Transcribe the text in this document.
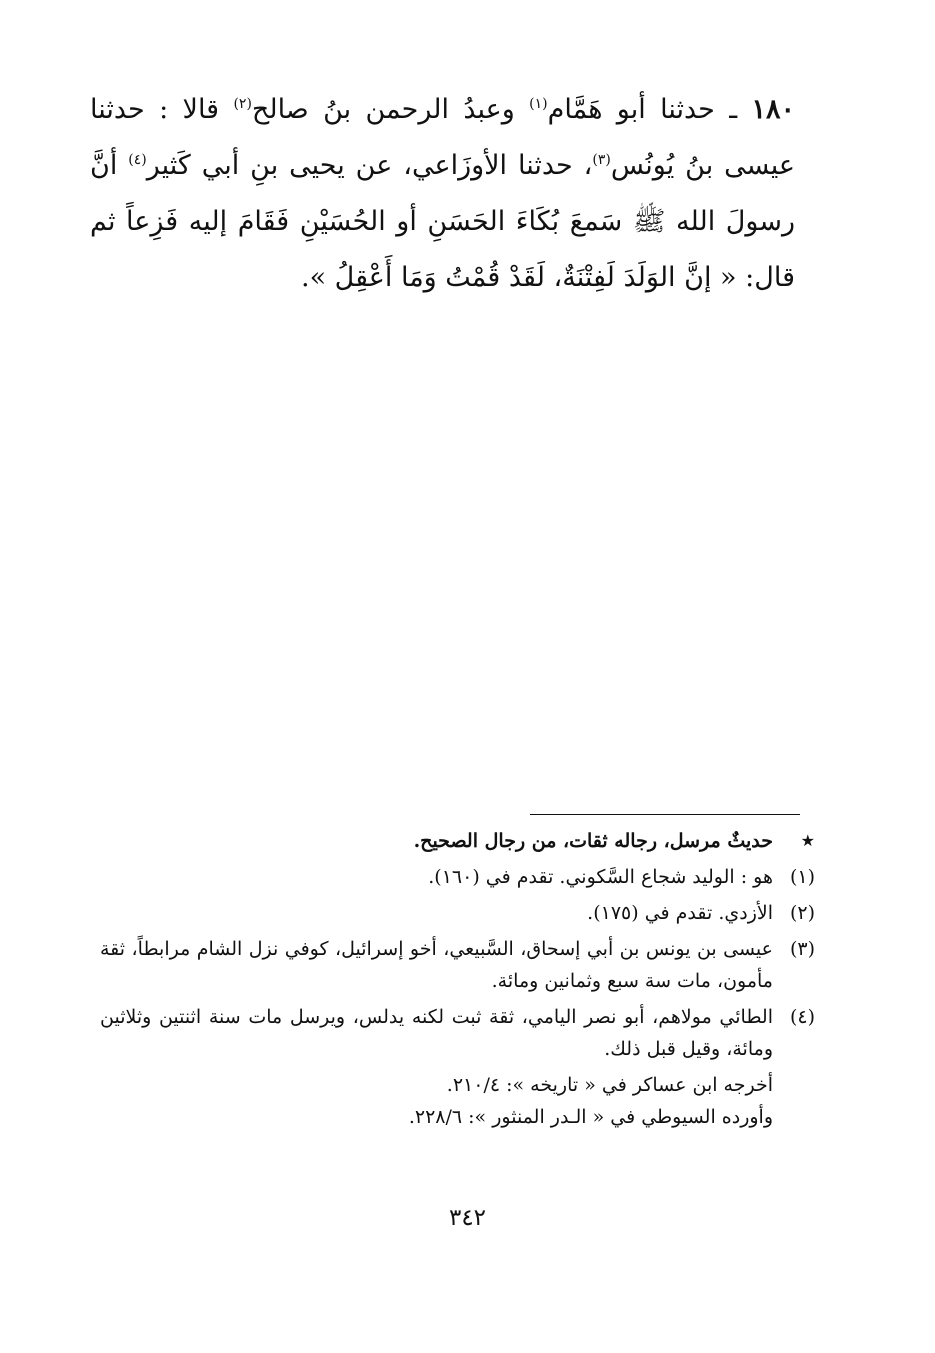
١٨٠ ـ حدثنا أبو هَمَّام$^{(١)}$ وعبدُ الرحمن بنُ صالح$^{(٢)}$ قالا : حدثنا عيسى بنُ يُونُس$^{(٣)}$، حدثنا الأوزَاعي، عن يحيى بنِ أبي كَثير$^{(٤)}$ أنَّ رسولَ الله ﷺ سَمعَ بُكَاءَ الحَسَنِ أو الحُسَيْنِ فَقَامَ إليه فَزِعاً ثم قال: « إنَّ الوَلَدَ لَفِتْنَةٌ، لَقَدْ قُمْتُ وَمَا أَعْقِلُ ».
★
حديثٌ مرسل، رجاله ثقات، من رجال الصحيح.
(١)
هو : الوليد شجاع السَّكوني. تقدم في (١٦٠).
(٢)
الأزدي. تقدم في (١٧٥).
(٣)
عيسى بن يونس بن أبي إسحاق، السَّبيعي، أخو إسرائيل، كوفي نزل الشام مرابطاً، ثقة مأمون، مات سة سبع وثمانين ومائة.
(٤)
الطائي مولاهم، أبو نصر اليامي، ثقة ثبت لكنه يدلس، ويرسل مات سنة اثنتين وثلاثين ومائة، وقيل قبل ذلك.
أخرجه ابن عساكر في « تاريخه »: ٢١٠/٤.
وأورده السيوطي في « الـدر المنثور »: ٢٢٨/٦.
٣٤٢
